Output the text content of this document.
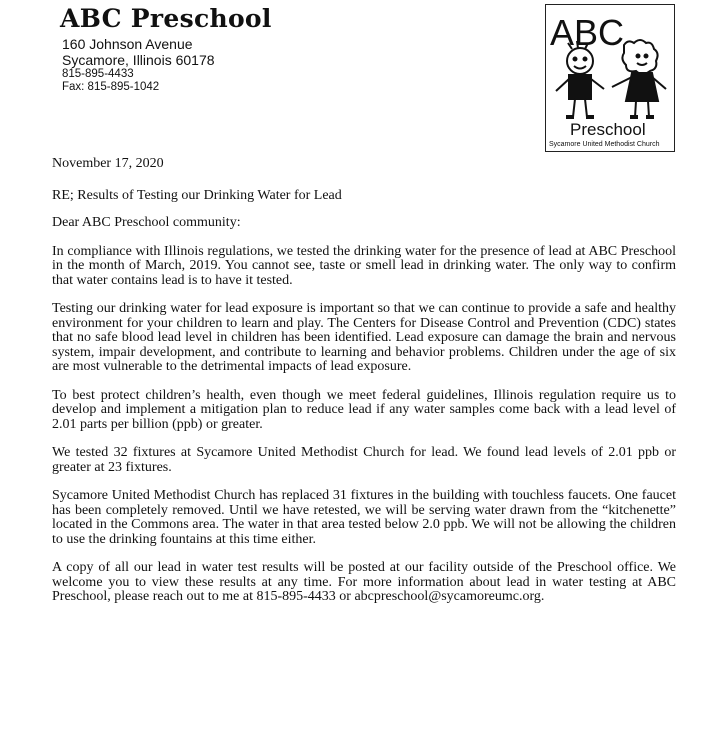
ABC Preschool
160 Johnson Avenue
Sycamore, Illinois 60178
815-895-4433
Fax: 815-895-1042
ABC
Preschool
Sycamore United Methodist Church

November 17, 2020

RE; Results of Testing our Drinking Water for Lead

Dear ABC Preschool community:

In compliance with Illinois regulations, we tested the drinking water for the presence of lead at ABC Preschool in the month of March, 2019. You cannot see, taste or smell lead in drinking water. The only way to confirm that water contains lead is to have it tested.

Testing our drinking water for lead exposure is important so that we can continue to provide a safe and healthy environment for your children to learn and play. The Centers for Disease Control and Prevention (CDC) states that no safe blood lead level in children has been identified. Lead exposure can damage the brain and nervous system, impair development, and contribute to learning and behavior problems. Children under the age of six are most vulnerable to the detrimental impacts of lead exposure.

To best protect children’s health, even though we meet federal guidelines, Illinois regulation require us to develop and implement a mitigation plan to reduce lead if any water samples come back with a lead level of 2.01 parts per billion (ppb) or greater.

We tested 32 fixtures at Sycamore United Methodist Church for lead. We found lead levels of 2.01 ppb or greater at 23 fixtures.

Sycamore United Methodist Church has replaced 31 fixtures in the building with touchless faucets. One faucet has been completely removed. Until we have retested, we will be serving water drawn from the “kitchenette” located in the Commons area. The water in that area tested below 2.0 ppb. We will not be allowing the children to use the drinking fountains at this time either.

A copy of all our lead in water test results will be posted at our facility outside of the Preschool office. We welcome you to view these results at any time. For more information about lead in water testing at ABC Preschool, please reach out to me at 815-895-4433 or abcpreschool@sycamoreumc.org.
